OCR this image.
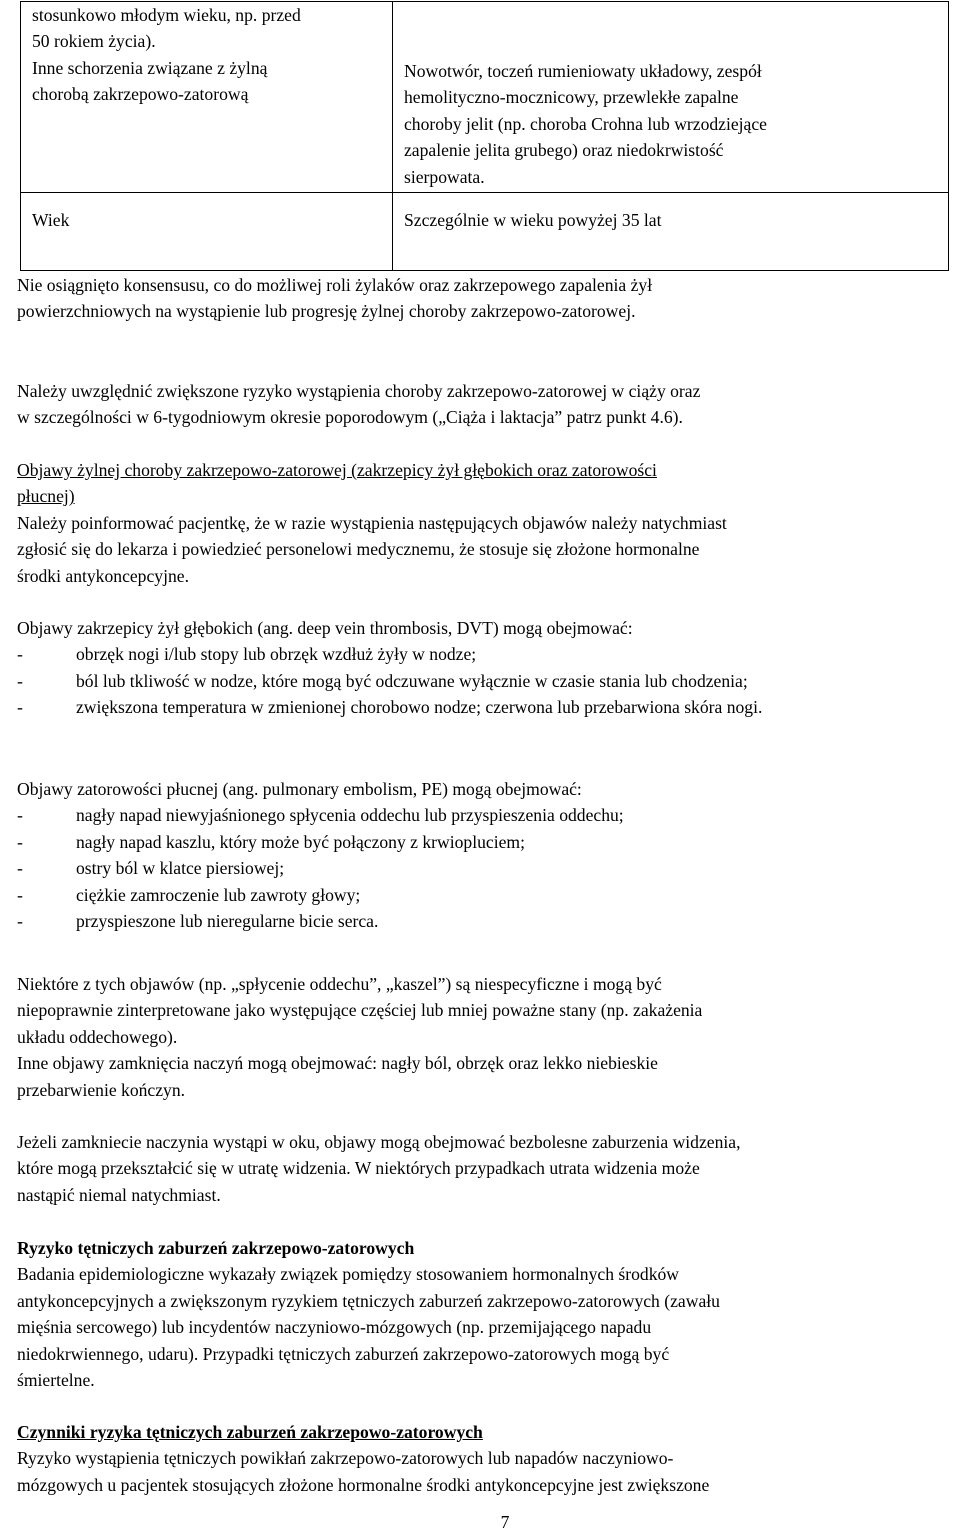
stosunkowo młodym wieku, np. przed
50 rokiem życia).
Inne schorzenia związane z żylną
chorobą zakrzepowo-zatorową	Nowotwór, toczeń rumieniowaty układowy, zespół
hemolityczno-mocznicowy, przewlekłe zapalne
choroby jelit (np. choroba Crohna lub wrzodziejące
zapalenie jelita grubego) oraz niedokrwistość
sierpowata.

Wiek	Szczególnie w wieku powyżej 35 lat
Nie osiągnięto konsensusu, co do możliwej roli żylaków oraz zakrzepowego zapalenia żył
powierzchniowych na wystąpienie lub progresję żylnej choroby zakrzepowo-zatorowej.
Należy uwzględnić zwiększone ryzyko wystąpienia choroby zakrzepowo-zatorowej w ciąży oraz
w szczególności w 6-tygodniowym okresie poporodowym („Ciąża i laktacja” patrz punkt 4.6).
Objawy żylnej choroby zakrzepowo-zatorowej (zakrzepicy żył głębokich oraz zatorowości
płucnej)
Należy poinformować pacjentkę, że w razie wystąpienia następujących objawów należy natychmiast
zgłosić się do lekarza i powiedzieć personelowi medycznemu, że stosuje się złożone hormonalne
środki antykoncepcyjne.
Objawy zakrzepicy żył głębokich (ang. deep vein thrombosis, DVT) mogą obejmować:
-	obrzęk nogi i/lub stopy lub obrzęk wzdłuż żyły w nodze;
-	ból lub tkliwość w nodze, które mogą być odczuwane wyłącznie w czasie stania lub chodzenia;
-	zwiększona temperatura w zmienionej chorobowo nodze; czerwona lub przebarwiona skóra nogi.
Objawy zatorowości płucnej (ang. pulmonary embolism, PE) mogą obejmować:
-	nagły napad niewyjaśnionego spłycenia oddechu lub przyspieszenia oddechu;
-	nagły napad kaszlu, który może być połączony z krwiopluciem;
-	ostry ból w klatce piersiowej;
-	ciężkie zamroczenie lub zawroty głowy;
-	przyspieszone lub nieregularne bicie serca.
Niektóre z tych objawów (np. „spłycenie oddechu”, „kaszel”) są niespecyficzne i mogą być
niepoprawnie zinterpretowane jako występujące częściej lub mniej poważne stany (np. zakażenia
układu oddechowego).
Inne objawy zamknięcia naczyń mogą obejmować: nagły ból, obrzęk oraz lekko niebieskie
przebarwienie kończyn.
Jeżeli zamkniecie naczynia wystąpi w oku, objawy mogą obejmować bezbolesne zaburzenia widzenia,
które mogą przekształcić się w utratę widzenia. W niektórych przypadkach utrata widzenia może
nastąpić niemal natychmiast.
Ryzyko tętniczych zaburzeń zakrzepowo-zatorowych
Badania epidemiologiczne wykazały związek pomiędzy stosowaniem hormonalnych środków
antykoncepcyjnych a zwiększonym ryzykiem tętniczych zaburzeń zakrzepowo-zatorowych (zawału
mięśnia sercowego) lub incydentów naczyniowo-mózgowych (np. przemijającego napadu
niedokrwiennego, udaru). Przypadki tętniczych zaburzeń zakrzepowo-zatorowych mogą być
śmiertelne.
Czynniki ryzyka tętniczych zaburzeń zakrzepowo-zatorowych
Ryzyko wystąpienia tętniczych powikłań zakrzepowo-zatorowych lub napadów naczyniowo-
mózgowych u pacjentek stosujących złożone hormonalne środki antykoncepcyjne jest zwiększone
7
